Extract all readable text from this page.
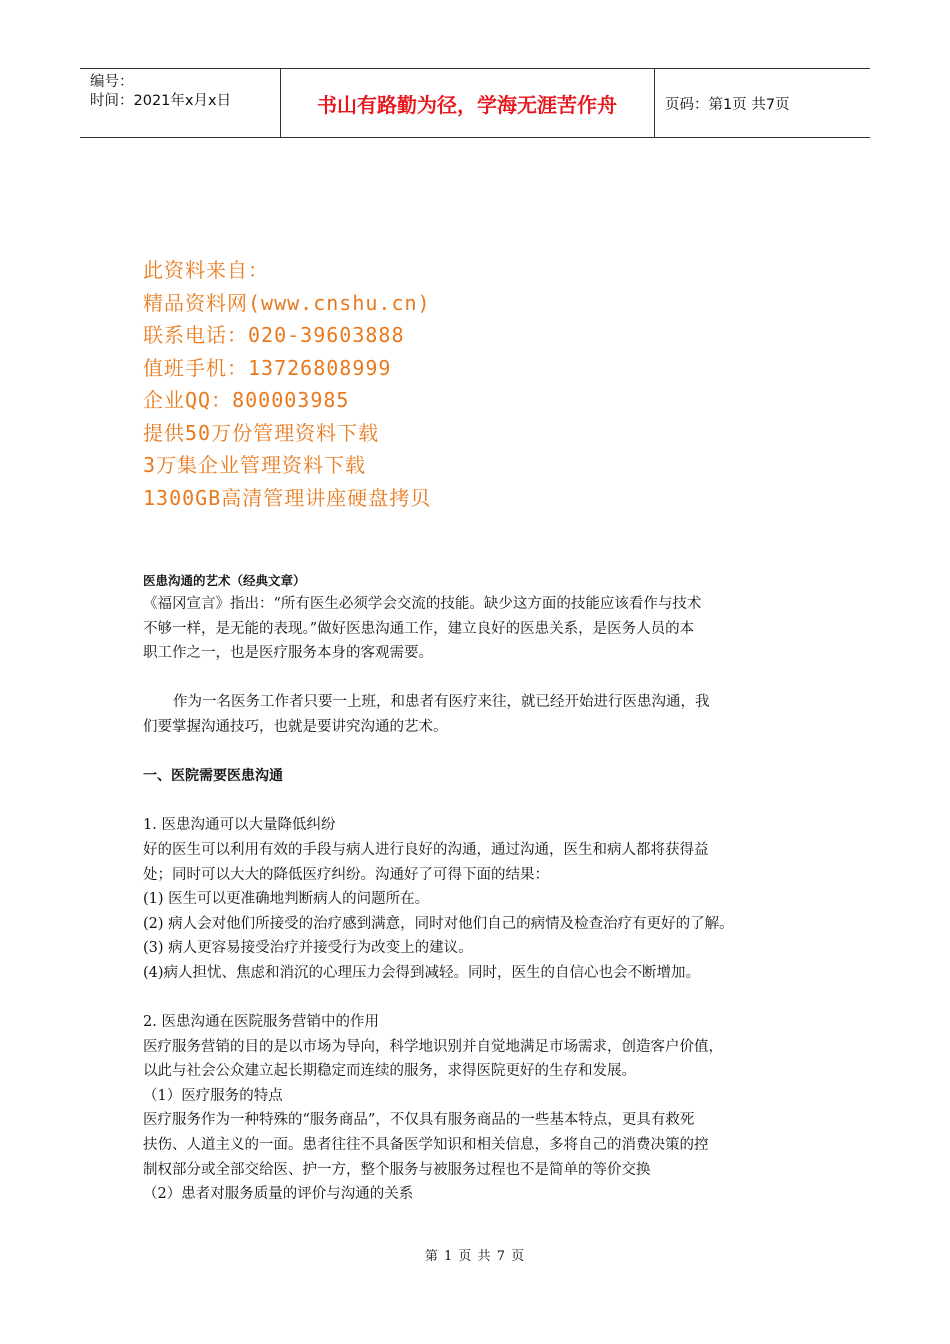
编号：
时间：2021年x月x日	书山有路勤为径，学海无涯苦作舟	页码：第1页 共7页
此资料来自：
精品资料网(www.cnshu.cn)
联系电话：020-39603888
值班手机：13726808999
企业QQ：800003985
提供50万份管理资料下载
3万集企业管理资料下载
1300GB高清管理讲座硬盘拷贝

医患沟通的艺术（经典文章）

《福冈宣言》指出：“所有医生必须学会交流的技能。缺少这方面的技能应该看作与技术

不够一样，是无能的表现。”做好医患沟通工作，建立良好的医患关系，是医务人员的本

职工作之一，也是医疗服务本身的客观需要。

作为一名医务工作者只要一上班，和患者有医疗来往，就已经开始进行医患沟通，我

们要掌握沟通技巧，也就是要讲究沟通的艺术。

一、医院需要医患沟通

1. 医患沟通可以大量降低纠纷

好的医生可以利用有效的手段与病人进行良好的沟通，通过沟通，医生和病人都将获得益

处；同时可以大大的降低医疗纠纷。沟通好了可得下面的结果：

(1) 医生可以更准确地判断病人的问题所在。

(2) 病人会对他们所接受的治疗感到满意，同时对他们自己的病情及检查治疗有更好的了解。

(3) 病人更容易接受治疗并接受行为改变上的建议。

(4)病人担忧、焦虑和消沉的心理压力会得到减轻。同时，医生的自信心也会不断增加。

2. 医患沟通在医院服务营销中的作用

医疗服务营销的目的是以市场为导向，科学地识别并自觉地满足市场需求，创造客户价值，

以此与社会公众建立起长期稳定而连续的服务，求得医院更好的生存和发展。

（1）医疗服务的特点

医疗服务作为一种特殊的“服务商品”，不仅具有服务商品的一些基本特点，更具有救死

扶伤、人道主义的一面。患者往往不具备医学知识和相关信息，多将自己的消费决策的控

制权部分或全部交给医、护一方，整个服务与被服务过程也不是简单的等价交换

（2）患者对服务质量的评价与沟通的关系

第 1 页 共 7 页
